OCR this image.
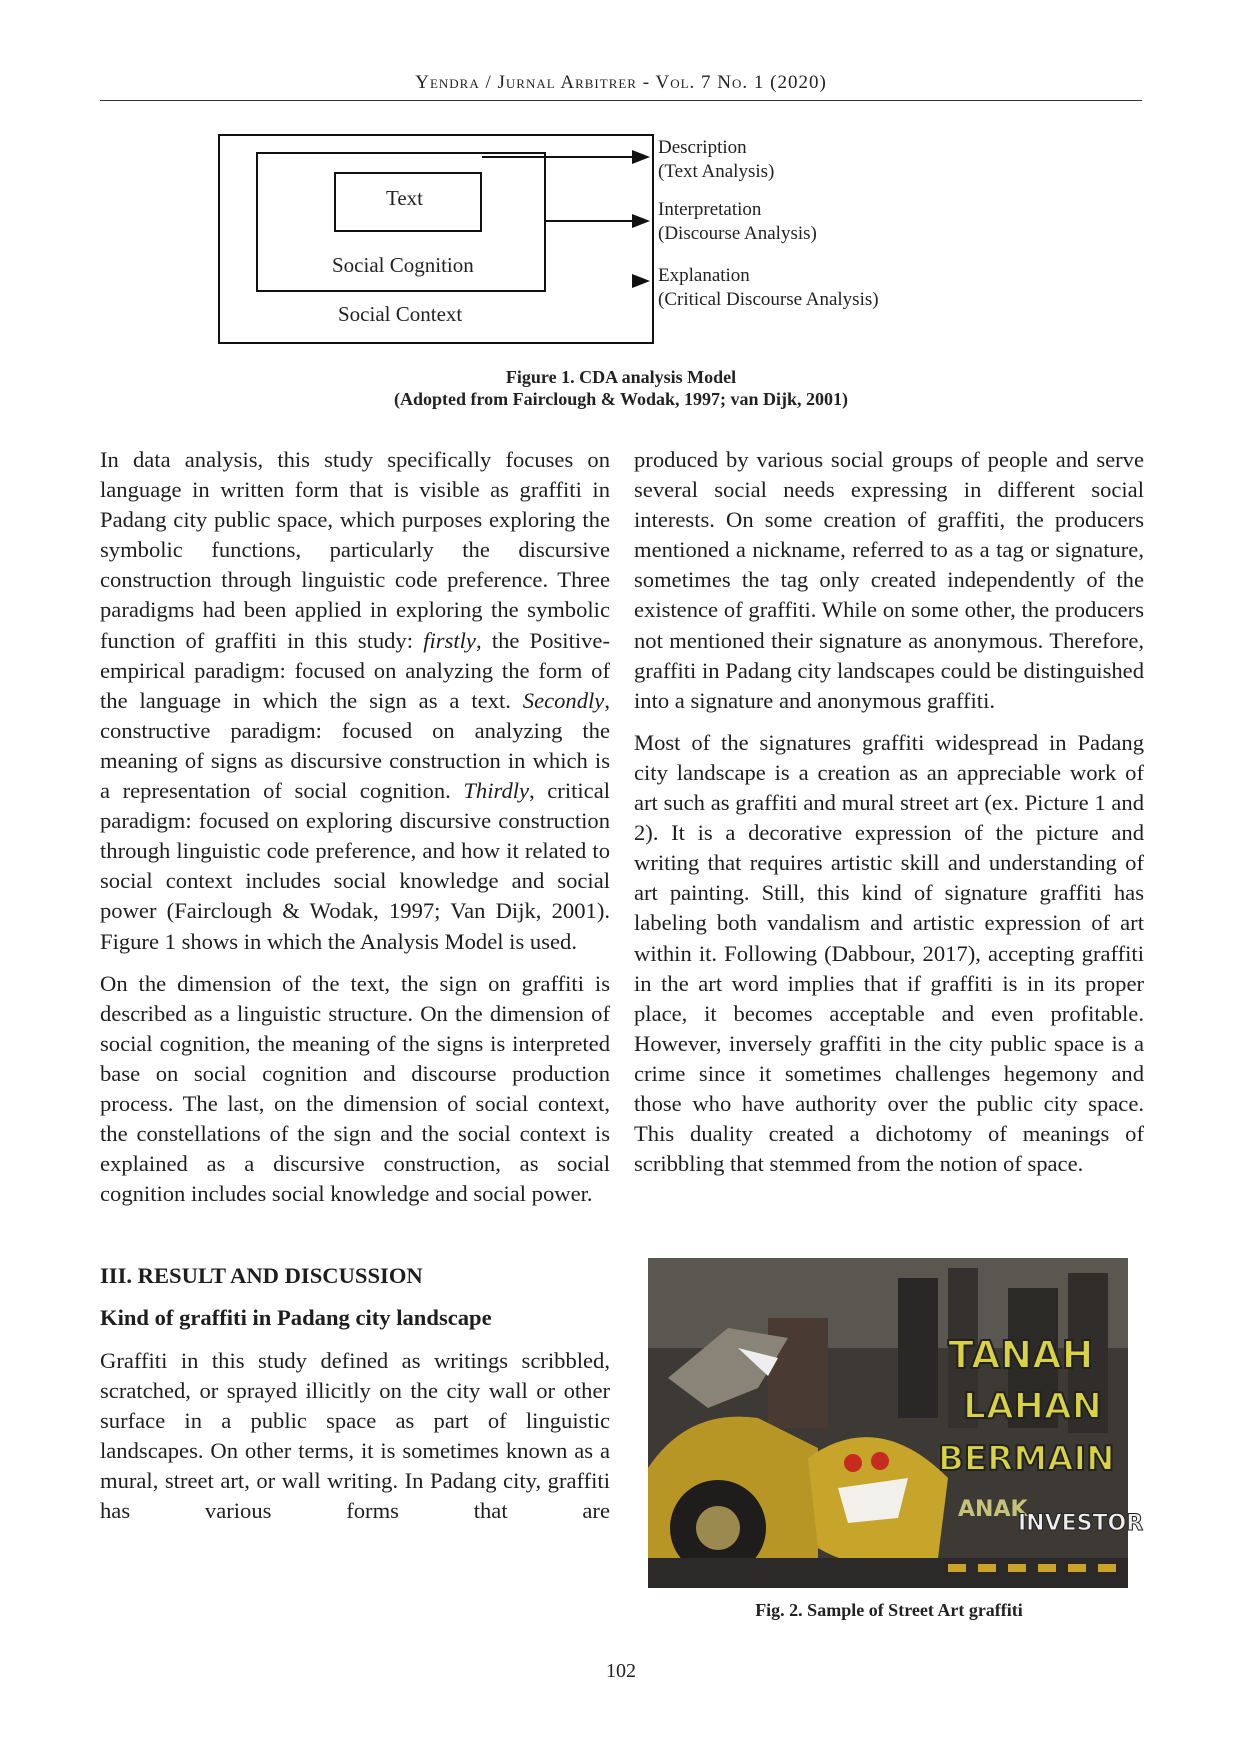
Yendra / Jurnal Arbitrer - Vol. 7 No. 1 (2020)
Text
Social Cognition
Social Context
Description
(Text Analysis)
Interpretation
(Discourse Analysis)
Explanation
(Critical Discourse Analysis)
Figure 1. CDA analysis Model
(Adopted from Fairclough & Wodak, 1997; van Dijk, 2001)

In data analysis, this study specifically focuses on language in written form that is visible as graffiti in Padang city public space, which purposes exploring the symbolic functions, particularly the discursive construction through linguistic code preference. Three paradigms had been applied in exploring the symbolic function of graffiti in this study: firstly, the Positive-empirical paradigm: focused on analyzing the form of the language in which the sign as a text. Secondly, constructive paradigm: focused on analyzing the meaning of signs as discursive construction in which is a representation of social cognition. Thirdly, critical paradigm: focused on exploring discursive construction through linguistic code preference, and how it related to social context includes social knowledge and social power (Fairclough & Wodak, 1997; Van Dijk, 2001). Figure 1 shows in which the Analysis Model is used.

On the dimension of the text, the sign on graffiti is described as a linguistic structure. On the dimension of social cognition, the meaning of the signs is interpreted base on social cognition and discourse production process. The last, on the dimension of social context, the constellations of the sign and the social context is explained as a discursive construction, as social cognition includes social knowledge and social power.

III. RESULT AND DISCUSSION

Kind of graffiti in Padang city landscape

Graffiti in this study defined as writings scribbled, scratched, or sprayed illicitly on the city wall or other surface in a public space as part of linguistic landscapes. On other terms, it is sometimes known as a mural, street art, or wall writing. In Padang city, graffiti has various forms that are

produced by various social groups of people and serve several social needs expressing in different social interests. On some creation of graffiti, the producers mentioned a nickname, referred to as a tag or signature, sometimes the tag only created independently of the existence of graffiti. While on some other, the producers not mentioned their signature as anonymous. Therefore, graffiti in Padang city landscapes could be distinguished into a signature and anonymous graffiti.

Most of the signatures graffiti widespread in Padang city landscape is a creation as an appreciable work of art such as graffiti and mural street art (ex. Picture 1 and 2). It is a decorative expression of the picture and writing that requires artistic skill and understanding of art painting. Still, this kind of signature graffiti has labeling both vandalism and artistic expression of art within it. Following (Dabbour, 2017), accepting graffiti in the art word implies that if graffiti is in its proper place, it becomes acceptable and even profitable. However, inversely graffiti in the city public space is a crime since it sometimes challenges hegemony and those who have authority over the public city space. This duality created a dichotomy of meanings of scribbling that stemmed from the notion of space.

TANAH
LAHAN
BERMAIN
ANAK
INVESTOR
Fig. 2. Sample of Street Art graffiti
102
